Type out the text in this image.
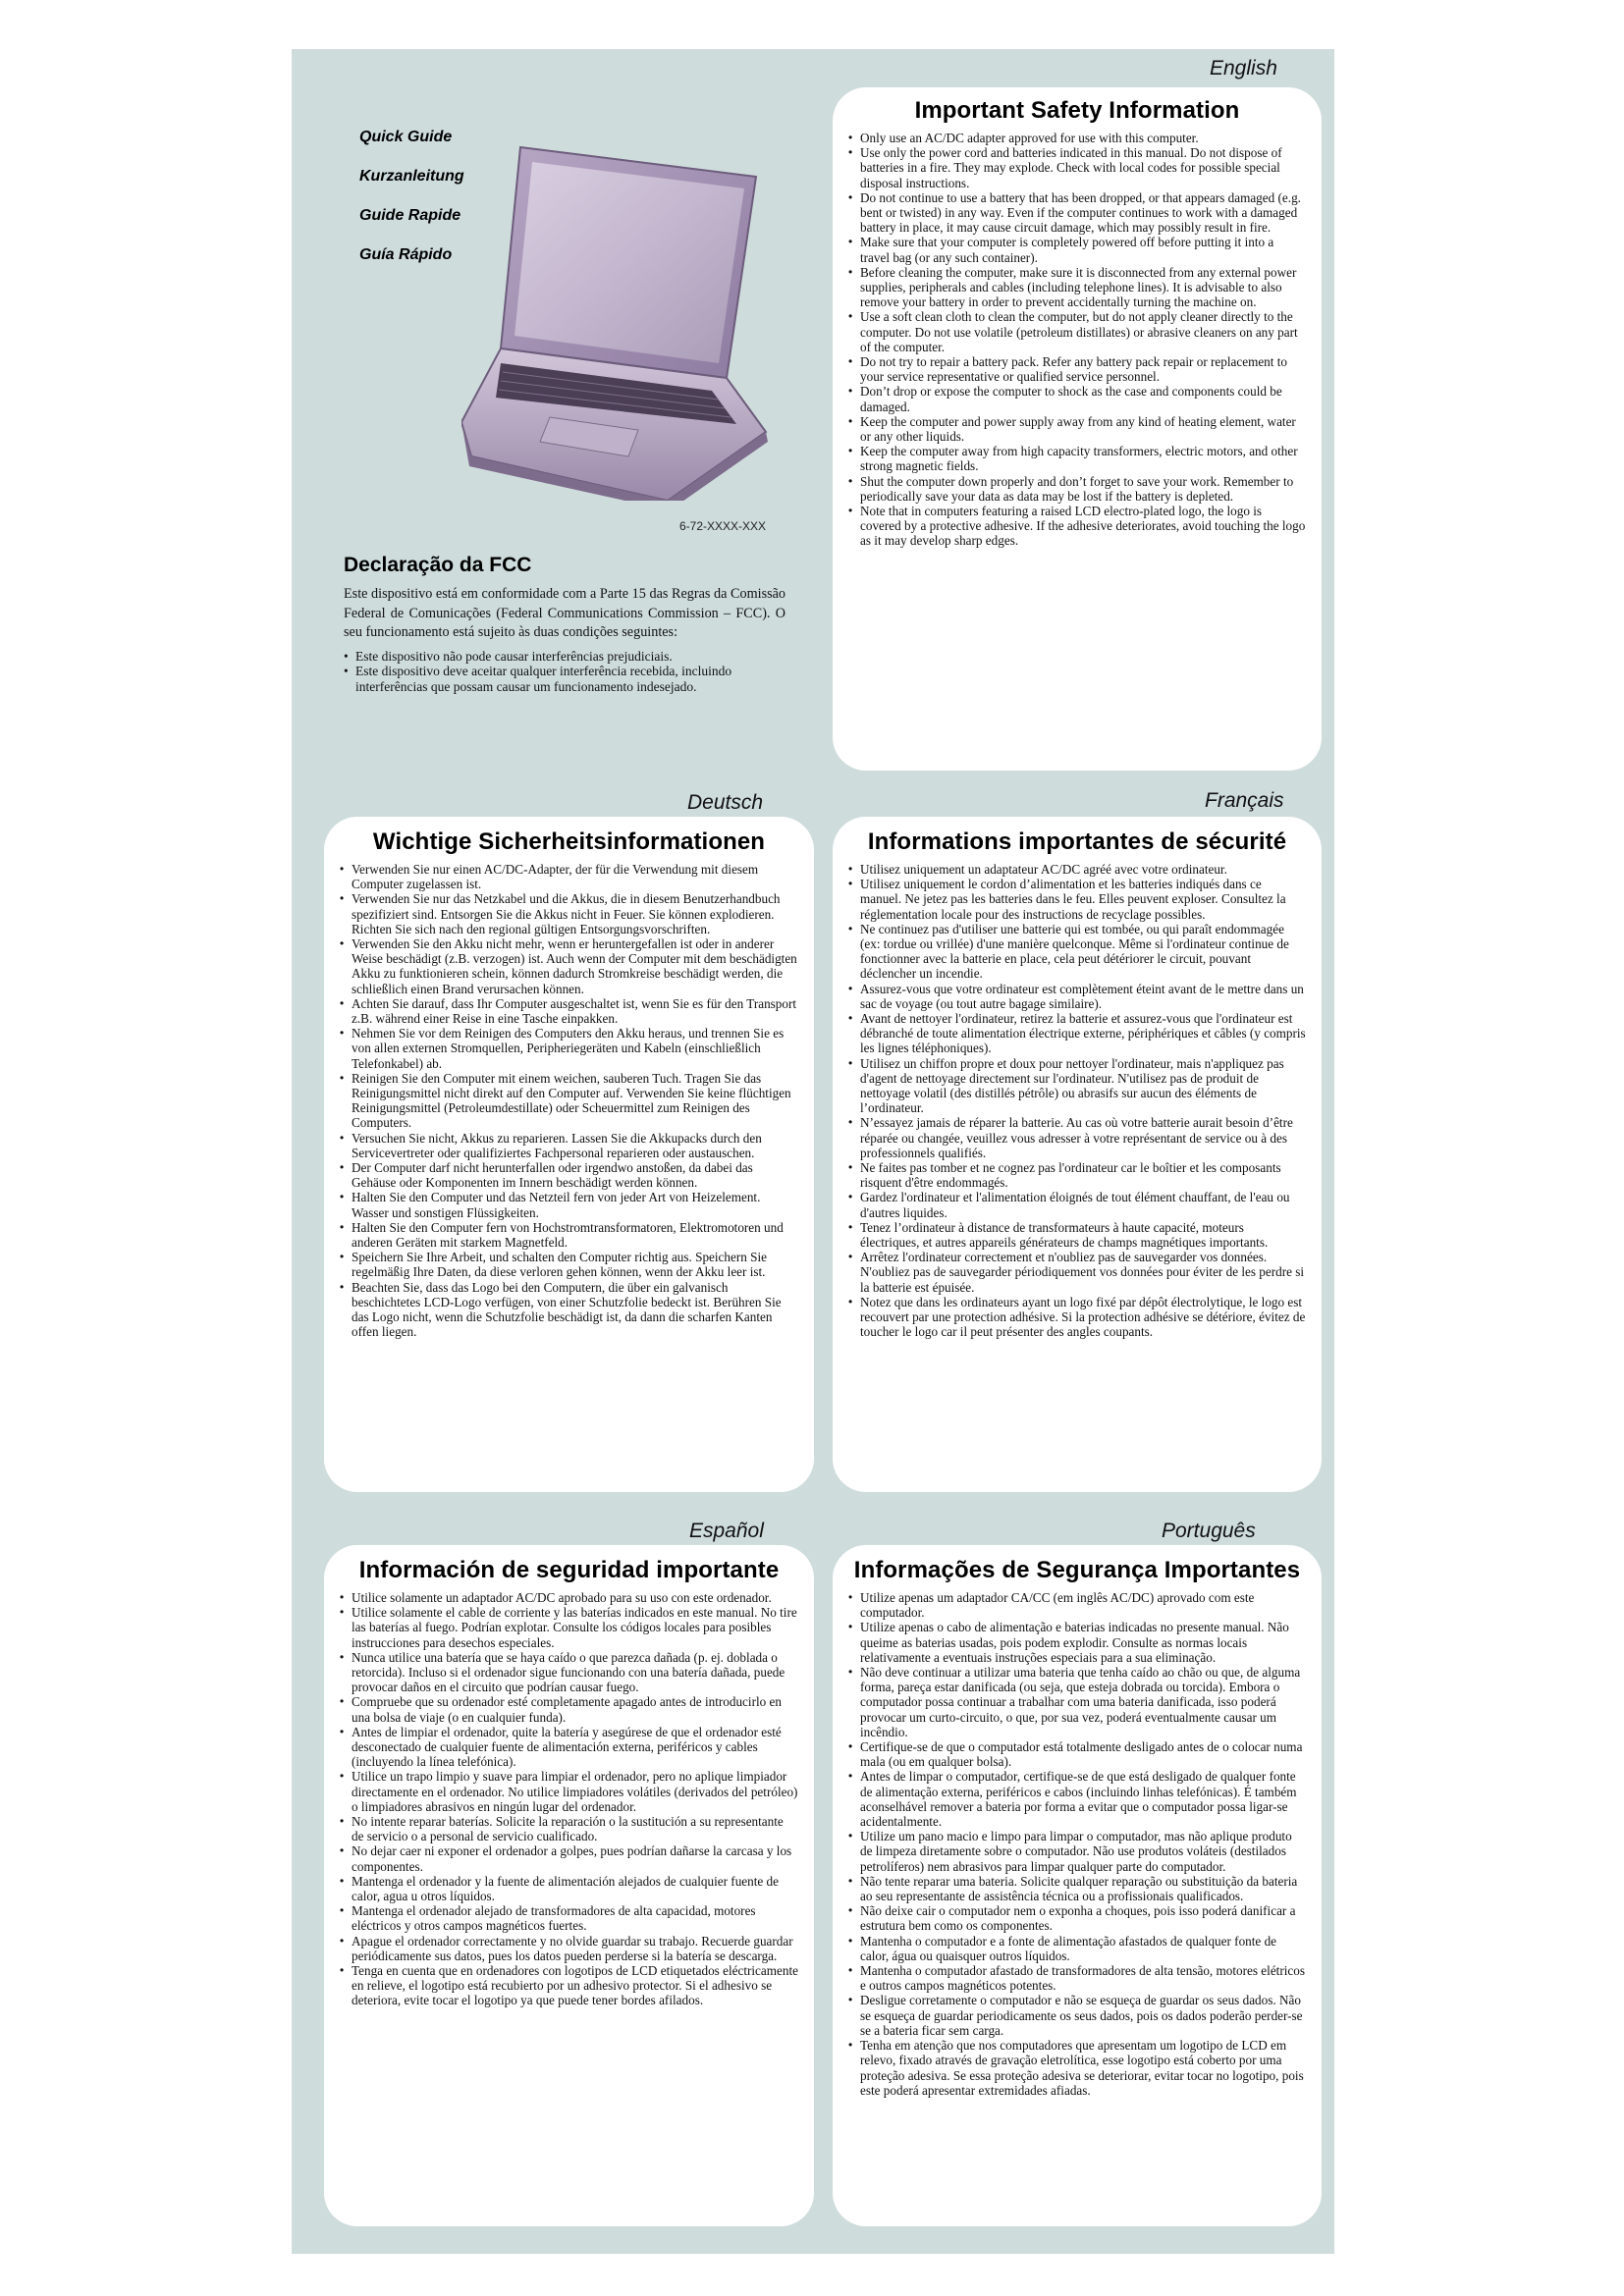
English
Deutsch	Français
Español	Português
Quick Guide
Kurzanleitung
Guide Rapide
Guía Rápido
6-72-XXXX-XXX
Declaração da FCC

Este dispositivo está em conformidade com a Parte 15 das Regras da Comissão Federal de Comunicações (Federal Communications Commission – FCC). O seu funcionamento está sujeito às duas condições seguintes:

• Este dispositivo não pode causar interferências prejudiciais.
• Este dispositivo deve aceitar qualquer interferência recebida, incluindo interferências que possam causar um funcionamento indesejado.
Important Safety Information
• Only use an AC/DC adapter approved for use with this computer.
• Use only the power cord and batteries indicated in this manual. Do not dispose of batteries in a fire. They may explode. Check with local codes for possible special disposal instructions.
• Do not continue to use a battery that has been dropped, or that appears damaged (e.g. bent or twisted) in any way. Even if the computer continues to work with a damaged battery in place, it may cause circuit damage, which may possibly result in fire.
• Make sure that your computer is completely powered off before putting it into a travel bag (or any such container).
• Before cleaning the computer, make sure it is disconnected from any external power supplies, peripherals and cables (including telephone lines). It is advisable to also remove your battery in order to prevent accidentally turning the machine on.
• Use a soft clean cloth to clean the computer, but do not apply cleaner directly to the computer. Do not use volatile (petroleum distillates) or abrasive cleaners on any part of the computer.
• Do not try to repair a battery pack. Refer any battery pack repair or replacement to your service representative or qualified service personnel.
• Don’t drop or expose the computer to shock as the case and components could be damaged.
• Keep the computer and power supply away from any kind of heating element, water or any other liquids.
• Keep the computer away from high capacity transformers, electric motors, and other strong magnetic fields.
• Shut the computer down properly and don’t forget to save your work. Remember to periodically save your data as data may be lost if the battery is depleted.
• Note that in computers featuring a raised LCD electro-plated logo, the logo is covered by a protective adhesive. If the adhesive deteriorates, avoid touching the logo as it may develop sharp edges.
Wichtige Sicherheitsinformationen
• Verwenden Sie nur einen AC/DC-Adapter, der für die Verwendung mit diesem Computer zugelassen ist.
• Verwenden Sie nur das Netzkabel und die Akkus, die in diesem Benutzerhandbuch spezifiziert sind. Entsorgen Sie die Akkus nicht in Feuer. Sie können explodieren. Richten Sie sich nach den regional gültigen Entsorgungsvorschriften.
• Verwenden Sie den Akku nicht mehr, wenn er heruntergefallen ist oder in anderer Weise beschädigt (z.B. verzogen) ist. Auch wenn der Computer mit dem beschädigten Akku zu funktionieren schein, können dadurch Stromkreise beschädigt werden, die schließlich einen Brand verursachen können.
• Achten Sie darauf, dass Ihr Computer ausgeschaltet ist, wenn Sie es für den Transport z.B. während einer Reise in eine Tasche einpakken.
• Nehmen Sie vor dem Reinigen des Computers den Akku heraus, und trennen Sie es von allen externen Stromquellen, Peripheriegeräten und Kabeln (einschließlich Telefonkabel) ab.
• Reinigen Sie den Computer mit einem weichen, sauberen Tuch. Tragen Sie das Reinigungsmittel nicht direkt auf den Computer auf. Verwenden Sie keine flüchtigen Reinigungsmittel (Petroleumdestillate) oder Scheuermittel zum Reinigen des Computers.
• Versuchen Sie nicht, Akkus zu reparieren. Lassen Sie die Akkupacks durch den Servicevertreter oder qualifiziertes Fachpersonal reparieren oder austauschen.
• Der Computer darf nicht herunterfallen oder irgendwo anstoßen, da dabei das Gehäuse oder Komponenten im Innern beschädigt werden können.
• Halten Sie den Computer und das Netzteil fern von jeder Art von Heizelement. Wasser und sonstigen Flüssigkeiten.
• Halten Sie den Computer fern von Hochstromtransformatoren, Elektromotoren und anderen Geräten mit starkem Magnetfeld.
• Speichern Sie Ihre Arbeit, und schalten den Computer richtig aus. Speichern Sie regelmäßig Ihre Daten, da diese verloren gehen können, wenn der Akku leer ist.
• Beachten Sie, dass das Logo bei den Computern, die über ein galvanisch beschichtetes LCD-Logo verfügen, von einer Schutzfolie bedeckt ist. Berühren Sie das Logo nicht, wenn die Schutzfolie beschädigt ist, da dann die scharfen Kanten offen liegen.
Informations importantes de sécurité
• Utilisez uniquement un adaptateur AC/DC agréé avec votre ordinateur.
• Utilisez uniquement le cordon d’alimentation et les batteries indiqués dans ce manuel. Ne jetez pas les batteries dans le feu. Elles peuvent exploser. Consultez la réglementation locale pour des instructions de recyclage possibles.
• Ne continuez pas d'utiliser une batterie qui est tombée, ou qui paraît endommagée (ex: tordue ou vrillée) d'une manière quelconque. Même si l'ordinateur continue de fonctionner avec la batterie en place, cela peut détériorer le circuit, pouvant déclencher un incendie.
• Assurez-vous que votre ordinateur est complètement éteint avant de le mettre dans un sac de voyage (ou tout autre bagage similaire).
• Avant de nettoyer l'ordinateur, retirez la batterie et assurez-vous que l'ordinateur est débranché de toute alimentation électrique externe, périphériques et câbles (y compris les lignes téléphoniques).
• Utilisez un chiffon propre et doux pour nettoyer l'ordinateur, mais n'appliquez pas d'agent de nettoyage directement sur l'ordinateur. N'utilisez pas de produit de nettoyage volatil (des distillés pétrôle) ou abrasifs sur aucun des éléments de l’ordinateur.
• N’essayez jamais de réparer la batterie. Au cas où votre batterie aurait besoin d’être réparée ou changée, veuillez vous adresser à votre représentant de service ou à des professionnels qualifiés.
• Ne faites pas tomber et ne cognez pas l'ordinateur car le boîtier et les composants risquent d'être endommagés.
• Gardez l'ordinateur et l'alimentation éloignés de tout élément chauffant, de l'eau ou d'autres liquides.
• Tenez l’ordinateur à distance de transformateurs à haute capacité, moteurs électriques, et autres appareils générateurs de champs magnétiques importants.
• Arrêtez l'ordinateur correctement et n'oubliez pas de sauvegarder vos données. N'oubliez pas de sauvegarder périodiquement vos données pour éviter de les perdre si la batterie est épuisée.
• Notez que dans les ordinateurs ayant un logo fixé par dépôt électrolytique, le logo est recouvert par une protection adhésive. Si la protection adhésive se détériore, évitez de toucher le logo car il peut présenter des angles coupants.
Información de seguridad importante
• Utilice solamente un adaptador AC/DC aprobado para su uso con este ordenador.
• Utilice solamente el cable de corriente y las baterías indicados en este manual. No tire las baterías al fuego. Podrían explotar. Consulte los códigos locales para posibles instrucciones para desechos especiales.
• Nunca utilice una batería que se haya caído o que parezca dañada (p. ej. doblada o retorcida). Incluso si el ordenador sigue funcionando con una batería dañada, puede provocar daños en el circuito que podrían causar fuego.
• Compruebe que su ordenador esté completamente apagado antes de introducirlo en una bolsa de viaje (o en cualquier funda).
• Antes de limpiar el ordenador, quite la batería y asegúrese de que el ordenador esté desconectado de cualquier fuente de alimentación externa, periféricos y cables (incluyendo la línea telefónica).
• Utilice un trapo limpio y suave para limpiar el ordenador, pero no aplique limpiador directamente en el ordenador. No utilice limpiadores volátiles (derivados del petróleo) o limpiadores abrasivos en ningún lugar del ordenador.
• No intente reparar baterías. Solicite la reparación o la sustitución a su representante de servicio o a personal de servicio cualificado.
• No dejar caer ni exponer el ordenador a golpes, pues podrían dañarse la carcasa y los componentes.
• Mantenga el ordenador y la fuente de alimentación alejados de cualquier fuente de calor, agua u otros líquidos.
• Mantenga el ordenador alejado de transformadores de alta capacidad, motores eléctricos y otros campos magnéticos fuertes.
• Apague el ordenador correctamente y no olvide guardar su trabajo. Recuerde guardar periódicamente sus datos, pues los datos pueden perderse si la batería se descarga.
• Tenga en cuenta que en ordenadores con logotipos de LCD etiquetados eléctricamente en relieve, el logotipo está recubierto por un adhesivo protector. Si el adhesivo se deteriora, evite tocar el logotipo ya que puede tener bordes afilados.
Informações de Segurança Importantes
• Utilize apenas um adaptador CA/CC (em inglês AC/DC) aprovado com este computador.
• Utilize apenas o cabo de alimentação e baterias indicadas no presente manual. Não queime as baterias usadas, pois podem explodir. Consulte as normas locais relativamente a eventuais instruções especiais para a sua eliminação.
• Não deve continuar a utilizar uma bateria que tenha caído ao chão ou que, de alguma forma, pareça estar danificada (ou seja, que esteja dobrada ou torcida). Embora o computador possa continuar a trabalhar com uma bateria danificada, isso poderá provocar um curto-circuito, o que, por sua vez, poderá eventualmente causar um incêndio.
• Certifique-se de que o computador está totalmente desligado antes de o colocar numa mala (ou em qualquer bolsa).
• Antes de limpar o computador, certifique-se de que está desligado de qualquer fonte de alimentação externa, periféricos e cabos (incluindo linhas telefónicas). É também aconselhável remover a bateria por forma a evitar que o computador possa ligar-se acidentalmente.
• Utilize um pano macio e limpo para limpar o computador, mas não aplique produto de limpeza diretamente sobre o computador. Não use produtos voláteis (destilados petrolíferos) nem abrasivos para limpar qualquer parte do computador.
• Não tente reparar uma bateria. Solicite qualquer reparação ou substituição da bateria ao seu representante de assistência técnica ou a profissionais qualificados.
• Não deixe cair o computador nem o exponha a choques, pois isso poderá danificar a estrutura bem como os componentes.
• Mantenha o computador e a fonte de alimentação afastados de qualquer fonte de calor, água ou quaisquer outros líquidos.
• Mantenha o computador afastado de transformadores de alta tensão, motores elétricos e outros campos magnéticos potentes.
• Desligue corretamente o computador e não se esqueça de guardar os seus dados. Não se esqueça de guardar periodicamente os seus dados, pois os dados poderão perder-se se a bateria ficar sem carga.
• Tenha em atenção que nos computadores que apresentam um logotipo de LCD em relevo, fixado através de gravação eletrolítica, esse logotipo está coberto por uma proteção adesiva. Se essa proteção adesiva se deteriorar, evitar tocar no logotipo, pois este poderá apresentar extremidades afiadas.
